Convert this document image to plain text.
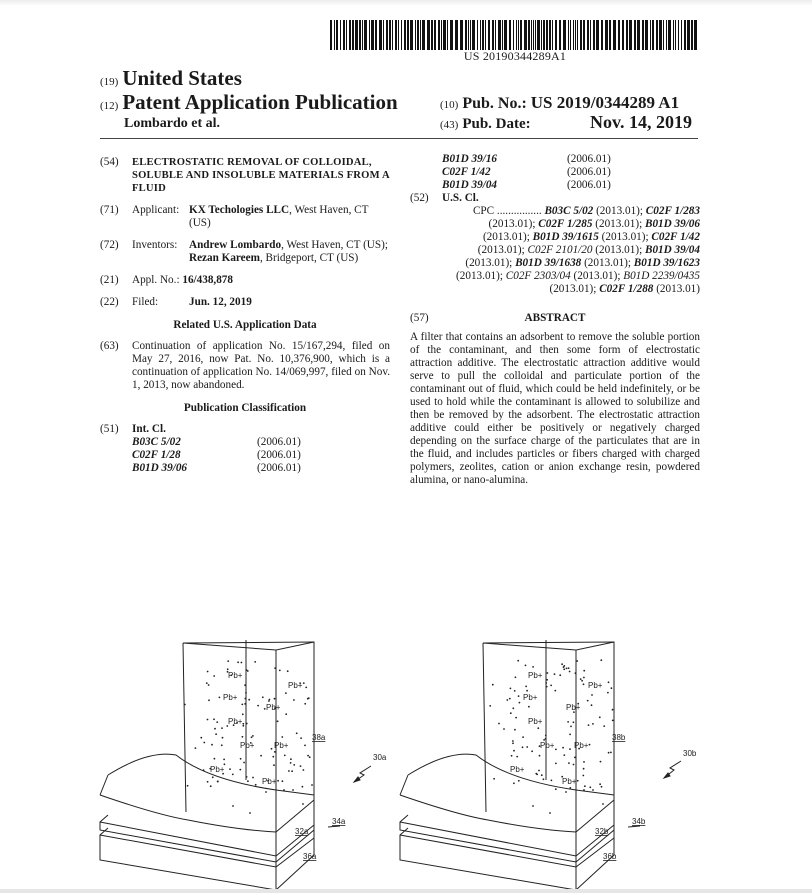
US 20190344289A1
(19) United States
(12) Patent Application Publication
Lombardo et al.
(10) Pub. No.: US 2019/0344289 A1
(43) Pub. Date:	Nov. 14, 2019
(54)	ELECTROSTATIC REMOVAL OF COLLOIDAL, SOLUBLE AND INSOLUBLE MATERIALS FROM A FLUID
(71)	Applicant: KX Techologies LLC, West Haven, CT (US)
(72)	Inventors:	Andrew Lombardo, West Haven, CT (US); Rezan Kareem, Bridgeport, CT (US)
(21)	Appl. No.: 16/438,878
(22)	Filed:	Jun. 12, 2019
Related U.S. Application Data
(63)	Continuation of application No. 15/167,294, filed on May 27, 2016, now Pat. No. 10,376,900, which is a continuation of application No. 14/069,997, filed on Nov. 1, 2013, now abandoned.
Publication Classification
(51)	Int. Cl.
B03C 5/02	(2006.01)
C02F 1/28	(2006.01)
B01D 39/06	(2006.01)
B01D 39/16	(2006.01)
C02F 1/42	(2006.01)
B01D 39/04	(2006.01)
(52)	U.S. Cl.
CPC ................ B03C 5/02 (2013.01); C02F 1/283 (2013.01); C02F 1/285 (2013.01); B01D 39/06 (2013.01); B01D 39/1615 (2013.01); C02F 1/42 (2013.01); C02F 2101/20 (2013.01); B01D 39/04 (2013.01); B01D 39/1638 (2013.01); B01D 39/1623 (2013.01); C02F 2303/04 (2013.01); B01D 2239/0435 (2013.01); C02F 1/288 (2013.01)
(57)	ABSTRACT
A filter that contains an adsorbent to remove the soluble portion of the contaminant, and then some form of electrostatic attraction additive. The electrostatic attraction additive would serve to pull the colloidal and particulate portion of the contaminant out of fluid, which could be held indefinitely, or be used to hold while the contaminant is allowed to solubilize and then be removed by the adsorbent. The electrostatic attraction additive could either be positively or negatively charged depending on the surface charge of the particulates that are in the fluid, and includes particles or fibers charged with charged polymers, zeolites, cation or anion exchange resin, powdered alumina, or nano-alumina.
Pb+
Pb+
Pb+
Pb+
Pb+
Pb+ Pb+
Pb+
Pb+
38a
30a
32a
34a
36a
Pb+
Pb+
Pb+
Pb+
Pb+
Pb+ Pb+
Pb+
Pb+
38b
30b
32b
34b
36b
